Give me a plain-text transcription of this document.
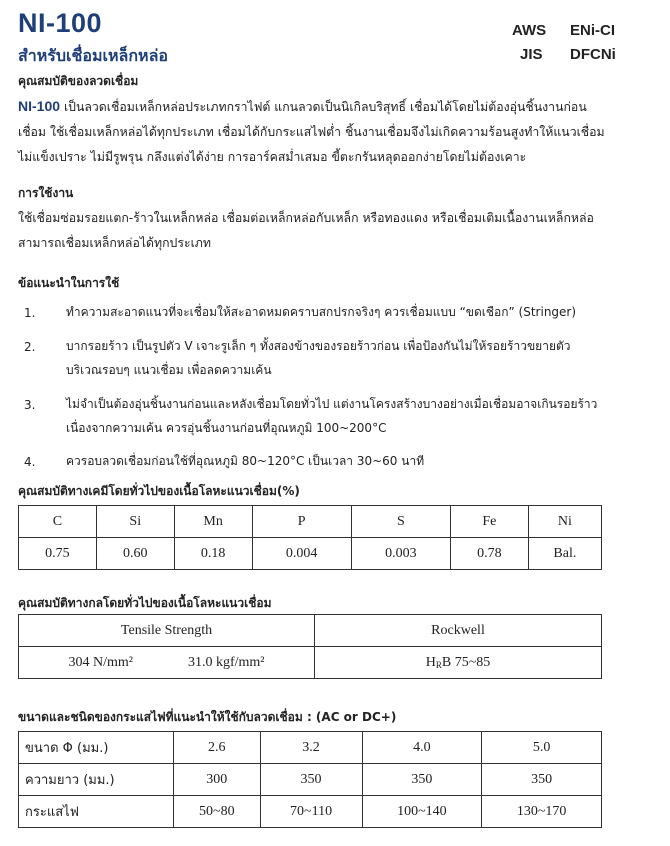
NI-100
สำหรับเชื่อมเหล็กหล่อ
AWS ENi-CI
JIS DFCNi
คุณสมบัติของลวดเชื่อม
NI-100 เป็นลวดเชื่อมเหล็กหล่อประเภทกราไฟต์ แกนลวดเป็นนิเกิลบริสุทธิ์ เชื่อมได้โดยไม่ต้องอุ่นชิ้นงานก่อน
เชื่อม ใช้เชื่อมเหล็กหล่อได้ทุกประเภท เชื่อมได้กับกระแสไฟต่ำ ชิ้นงานเชื่อมจึงไม่เกิดความร้อนสูงทำให้แนวเชื่อม
ไม่แข็งเปราะ ไม่มีรูพรุน กลึงแต่งได้ง่าย การอาร์คสม่ำเสมอ ขี้ตะกรันหลุดออกง่ายโดยไม่ต้องเคาะ
การใช้งาน
ใช้เชื่อมซ่อมรอยแตก-ร้าวในเหล็กหล่อ เชื่อมต่อเหล็กหล่อกับเหล็ก หรือทองแดง หรือเชื่อมเติมเนื้องานเหล็กหล่อ
สามารถเชื่อมเหล็กหล่อได้ทุกประเภท
ข้อแนะนำในการใช้
1.	ทำความสะอาดแนวที่จะเชื่อมให้สะอาดหมดคราบสกปรกจริงๆ ควรเชื่อมแบบ “ขดเชือก” (Stringer)
2.	บากรอยร้าว เป็นรูปตัว V เจาะรูเล็ก ๆ ทั้งสองข้างของรอยร้าวก่อน เพื่อป้องกันไม่ให้รอยร้าวขยายตัว
บริเวณรอบๆ แนวเชื่อม เพื่อลดความเค้น
3.	ไม่จำเป็นต้องอุ่นชิ้นงานก่อนและหลังเชื่อมโดยทั่วไป แต่งานโครงสร้างบางอย่างเมื่อเชื่อมอาจเกินรอยร้าว
เนื่องจากความเค้น ควรอุ่นชิ้นงานก่อนที่อุณหภูมิ 100~200°C
4.	ควรอบลวดเชื่อมก่อนใช้ที่อุณหภูมิ 80~120°C เป็นเวลา 30~60 นาที
คุณสมบัติทางเคมีโดยทั่วไปของเนื้อโลหะแนวเชื่อม(%)
C	Si	Mn	P	S	Fe	Ni
0.75	0.60	0.18	0.004	0.003	0.78	Bal.
คุณสมบัติทางกลโดยทั่วไปของเนื้อโลหะแนวเชื่อม
Tensile Strength	Rockwell
304 N/mm² 31.0 kgf/mm²	$H_RB$ 75~85
ขนาดและชนิดของกระแสไฟที่แนะนำให้ใช้กับลวดเชื่อม : (AC or DC+)
ขนาด Φ (มม.)	2.6	3.2	4.0	5.0
ความยาว (มม.)	300	350	350	350
กระแสไฟ	50~80	70~110	100~140	130~170
